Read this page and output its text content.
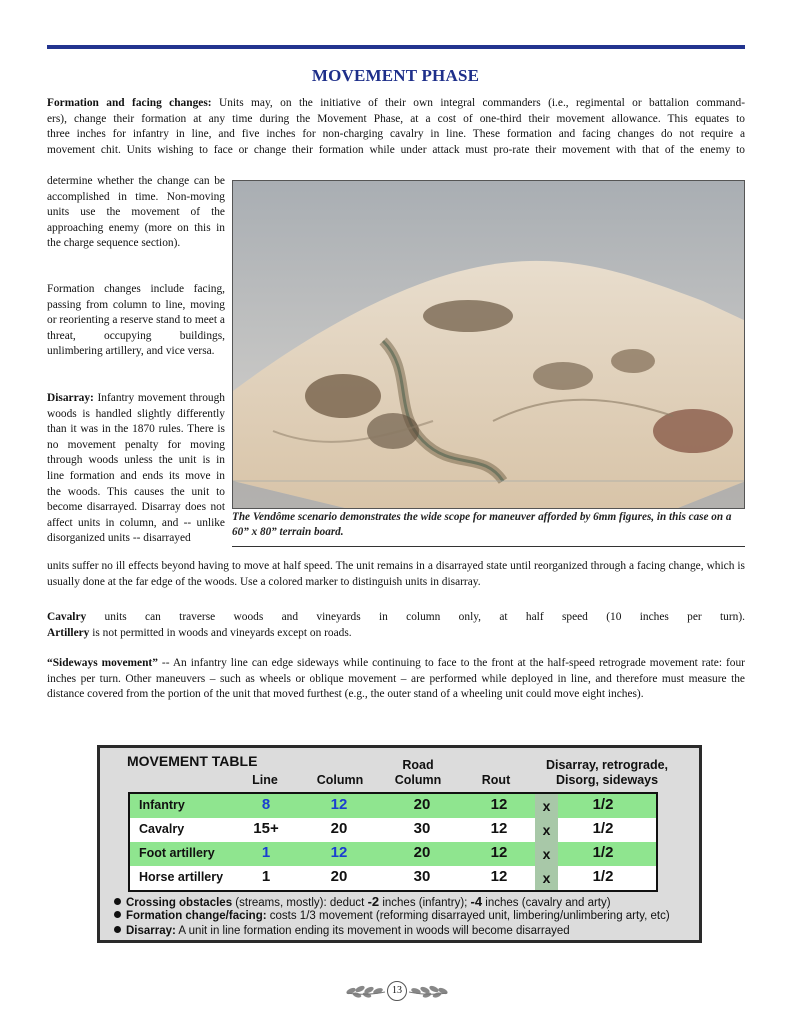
MOVEMENT PHASE
Formation and facing changes: Units may, on the initiative of their own integral commanders (i.e., regimental or battalion command-
ers), change their formation at any time during the Movement Phase, at a cost of one-third their movement allowance. This equates to
three inches for infantry in line, and five inches for non-charging cavalry in line. These formation and facing changes do not require a
movement chit. Units wishing to face or change their formation while under attack must pro-rate their movement with that of the enemy to
determine whether the change can be accomplished in time. Non-moving units use the movement of the approaching enemy (more on this in the charge sequence section).
Formation changes include facing, passing from column to line, moving or reorienting a reserve stand to meet a threat, occupying buildings, unlimbering artillery, and vice versa.
Disarray: Infantry movement through woods is handled slightly differently than it was in the 1870 rules. There is no movement penalty for moving through woods unless the unit is in line formation and ends its move in the woods. This causes the unit to become disarrayed. Disarray does not affect units in column, and -- unlike disorganized units -- disarrayed
The Vendôme scenario demonstrates the wide scope for maneuver afforded by 6mm figures, in this case on a 60” x 80” terrain board.
units suffer no ill effects beyond having to move at half speed. The unit remains in a disarrayed state until reorganized through a facing change, which is usually done at the far edge of the woods. Use a colored marker to distinguish units in disarray.
Cavalry units can traverse woods and vineyards in column only, at half speed (10 inches per turn).
Artillery is not permitted in woods and vineyards except on roads.
“Sideways movement” -- An infantry line can edge sideways while continuing to face to the front at the half-speed retrograde movement rate: four inches per turn. Other maneuvers – such as wheels or oblique movement – are performed while deployed in line, and therefore must measure the distance covered from the portion of the unit that moved furthest (e.g., the outer stand of a wheeling unit could move eight inches).
MOVEMENT TABLE	Road	Disarray, retrograde,
Line	Column	Column	Rout	Disorg, sideways
Infantry	8	12	20	12	x	1/2
Cavalry	15+	20	30	12	x	1/2
Foot artillery	1	12	20	12	x	1/2
Horse artillery	1	20	30	12	x	1/2
Crossing obstacles (streams, mostly): deduct -2 inches (infantry); -4 inches (cavalry and arty)
Formation change/facing: costs 1/3 movement (reforming disarrayed unit, limbering/unlimbering arty, etc)
Disarray: A unit in line formation ending its movement in woods will become disarrayed
13
